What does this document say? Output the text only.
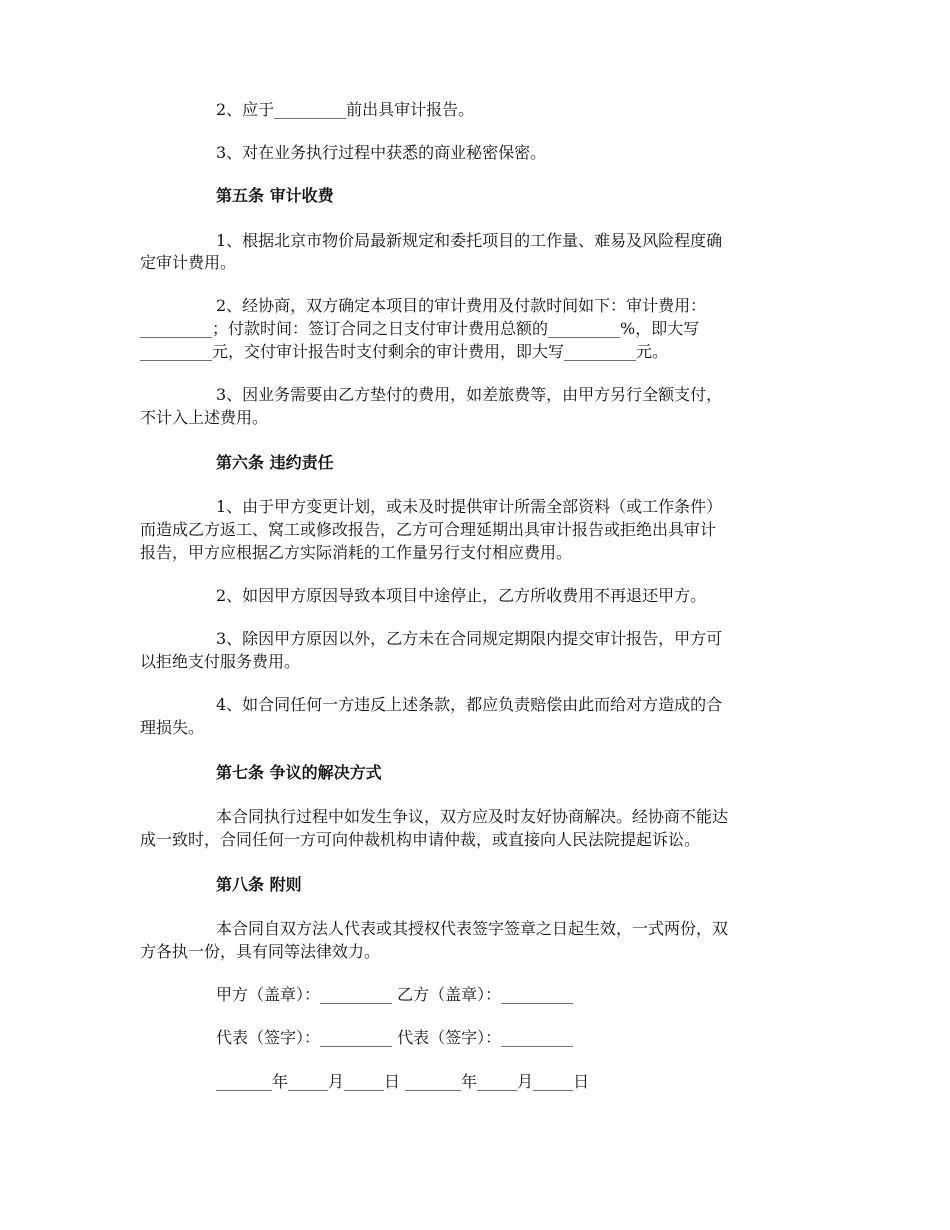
2、应于_________前出具审计报告。

3、对在业务执行过程中获悉的商业秘密保密。

第五条 审计收费

1、根据北京市物价局最新规定和委托项目的工作量、难易及风险程度确

定审计费用。

2、经协商，双方确定本项目的审计费用及付款时间如下：审计费用：

_________；付款时间：签订合同之日支付审计费用总额的_________%，即大写

_________元，交付审计报告时支付剩余的审计费用，即大写_________元。

3、因业务需要由乙方垫付的费用，如差旅费等，由甲方另行全额支付，

不计入上述费用。

第六条 违约责任

1、由于甲方变更计划，或未及时提供审计所需全部资料（或工作条件）

而造成乙方返工、窝工或修改报告，乙方可合理延期出具审计报告或拒绝出具审计

报告，甲方应根据乙方实际消耗的工作量另行支付相应费用。

2、如因甲方原因导致本项目中途停止，乙方所收费用不再退还甲方。

3、除因甲方原因以外，乙方未在合同规定期限内提交审计报告，甲方可

以拒绝支付服务费用。

4、如合同任何一方违反上述条款，都应负责赔偿由此而给对方造成的合

理损失。

第七条 争议的解决方式

本合同执行过程中如发生争议，双方应及时友好协商解决。经协商不能达

成一致时，合同任何一方可向仲裁机构申请仲裁，或直接向人民法院提起诉讼。

第八条 附则

本合同自双方法人代表或其授权代表签字签章之日起生效，一式两份，双

方各执一份，具有同等法律效力。

甲方（盖章）：_________ 乙方（盖章）：_________

代表（签字）：_________ 代表（签字）：_________

_______年_____月_____日 _______年_____月_____日
